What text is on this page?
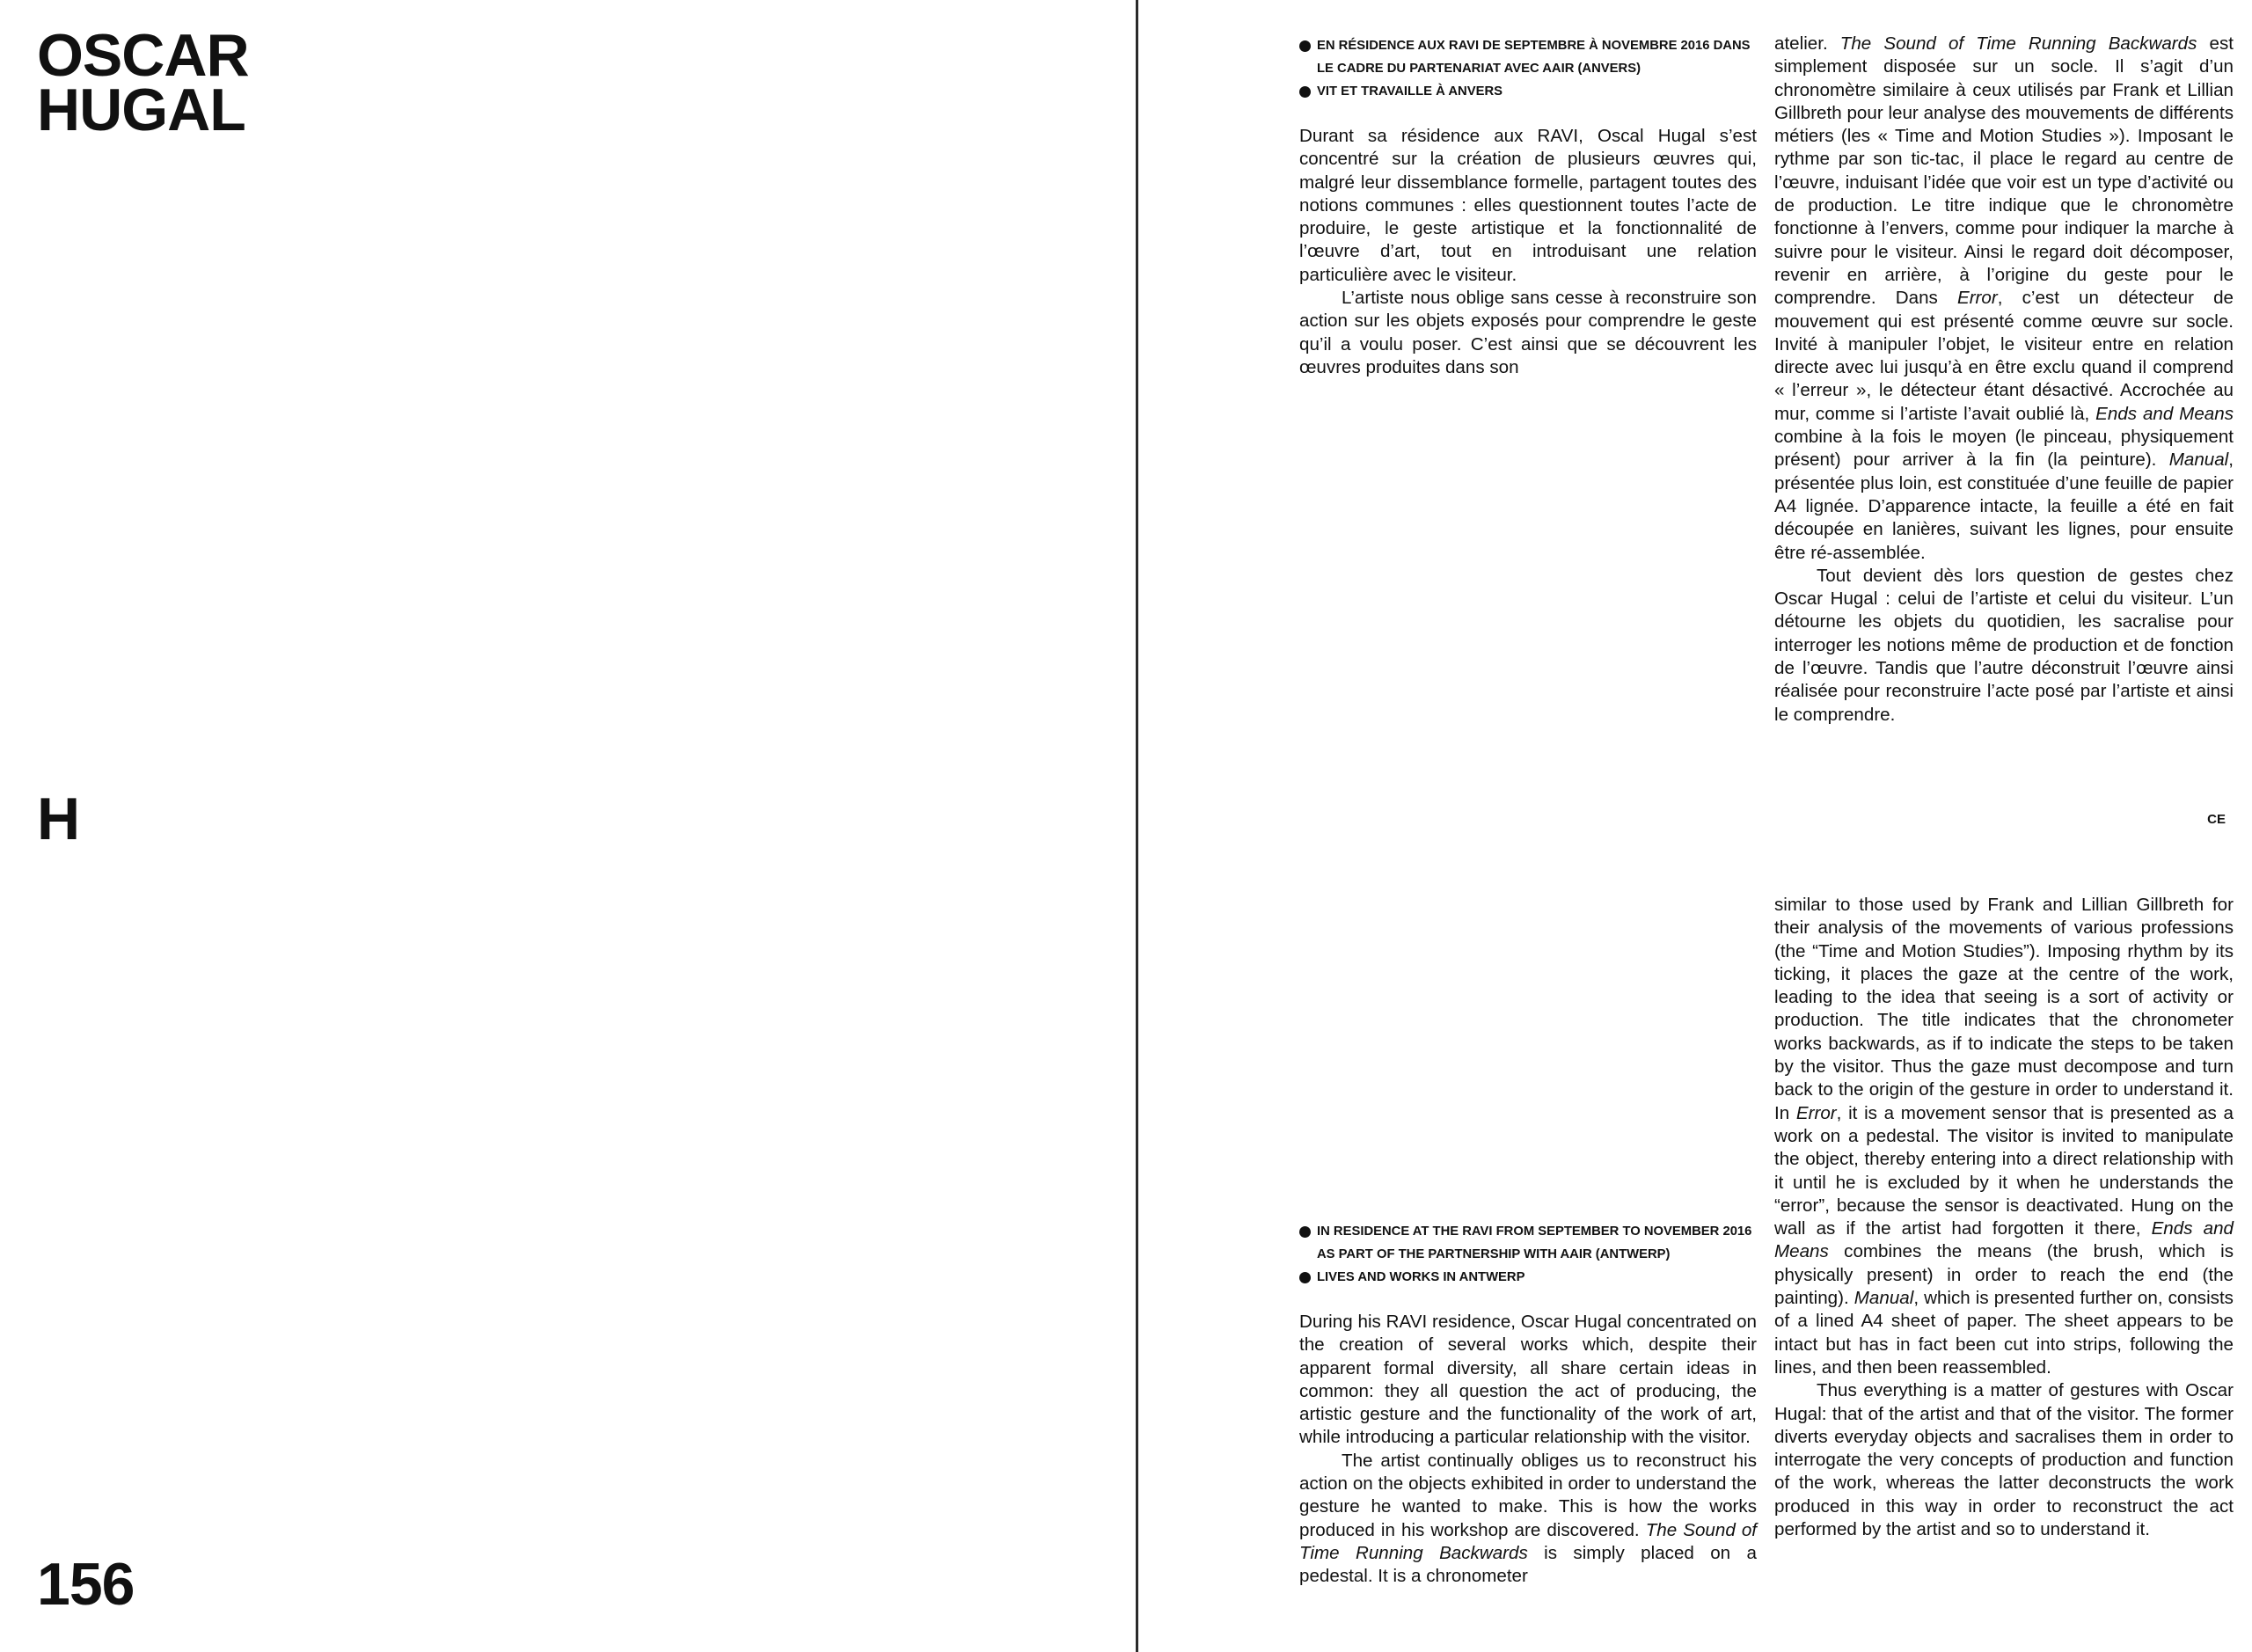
OSCAR
HUGAL
H
156
EN RÉSIDENCE AUX RAVI DE SEPTEMBRE À NOVEMBRE 2016 DANS LE CADRE DU PARTENARIAT AVEC AAIR (ANVERS)
VIT ET TRAVAILLE À ANVERS

Durant sa résidence aux RAVI, Oscal Hugal s’est concentré sur la création de plusieurs œuvres qui, malgré leur dissemblance formelle, partagent toutes des notions communes : elles questionnent toutes l’acte de produire, le geste artistique et la fonctionnalité de l’œuvre d’art, tout en introduisant une relation particulière avec le visiteur.

L’artiste nous oblige sans cesse à reconstruire son action sur les objets exposés pour comprendre le geste qu’il a voulu poser. C’est ainsi que se découvrent les œuvres produites dans son

atelier. The Sound of Time Running Backwards est simplement disposée sur un socle. Il s’agit d’un chronomètre similaire à ceux utilisés par Frank et Lillian Gillbreth pour leur analyse des mouvements de différents métiers (les « Time and Motion Studies »). Imposant le rythme par son tic-tac, il place le regard au centre de l’œuvre, induisant l’idée que voir est un type d’activité ou de production. Le titre indique que le chronomètre fonctionne à l’envers, comme pour indiquer la marche à suivre pour le visiteur. Ainsi le regard doit décomposer, revenir en arrière, à l’origine du geste pour le comprendre. Dans Error, c’est un détecteur de mouvement qui est présenté comme œuvre sur socle. Invité à manipuler l’objet, le visiteur entre en relation directe avec lui jusqu’à en être exclu quand il comprend « l’erreur », le détecteur étant désactivé. Accrochée au mur, comme si l’artiste l’avait oublié là, Ends and Means combine à la fois le moyen (le pinceau, physiquement présent) pour arriver à la fin (la peinture). Manual, présentée plus loin, est constituée d’une feuille de papier A4 lignée. D’apparence intacte, la feuille a été en fait découpée en lanières, suivant les lignes, pour ensuite être ré-assemblée.

Tout devient dès lors question de gestes chez Oscar Hugal : celui de l’artiste et celui du visiteur. L’un détourne les objets du quotidien, les sacralise pour interroger les notions même de production et de fonction de l’œuvre. Tandis que l’autre déconstruit l’œuvre ainsi réalisée pour reconstruire l’acte posé par l’artiste et ainsi le comprendre.

CE
IN RESIDENCE AT THE RAVI FROM SEPTEMBER TO NOVEMBER 2016 AS PART OF THE PARTNERSHIP WITH AAIR (ANTWERP)
LIVES AND WORKS IN ANTWERP

During his RAVI residence, Oscar Hugal concentrated on the creation of several works which, despite their apparent formal diversity, all share certain ideas in common: they all question the act of producing, the artistic gesture and the functionality of the work of art, while introducing a particular relationship with the visitor.

The artist continually obliges us to reconstruct his action on the objects exhibited in order to understand the gesture he wanted to make. This is how the works produced in his workshop are discovered. The Sound of Time Running Backwards is simply placed on a pedestal. It is a chronometer

similar to those used by Frank and Lillian Gillbreth for their analysis of the movements of various professions (the “Time and Motion Studies”). Imposing rhythm by its ticking, it places the gaze at the centre of the work, leading to the idea that seeing is a sort of activity or production. The title indicates that the chronometer works backwards, as if to indicate the steps to be taken by the visitor. Thus the gaze must decompose and turn back to the origin of the gesture in order to understand it. In Error, it is a movement sensor that is presented as a work on a pedestal. The visitor is invited to manipulate the object, thereby entering into a direct relationship with it until he is excluded by it when he understands the “error”, because the sensor is deactivated. Hung on the wall as if the artist had forgotten it there, Ends and Means combines the means (the brush, which is physically present) in order to reach the end (the painting). Manual, which is presented further on, consists of a lined A4 sheet of paper. The sheet appears to be intact but has in fact been cut into strips, following the lines, and then been reassembled.

Thus everything is a matter of gestures with Oscar Hugal: that of the artist and that of the visitor. The former diverts everyday objects and sacralises them in order to interrogate the very concepts of production and function of the work, whereas the latter deconstructs the work produced in this way in order to reconstruct the act performed by the artist and so to understand it.
